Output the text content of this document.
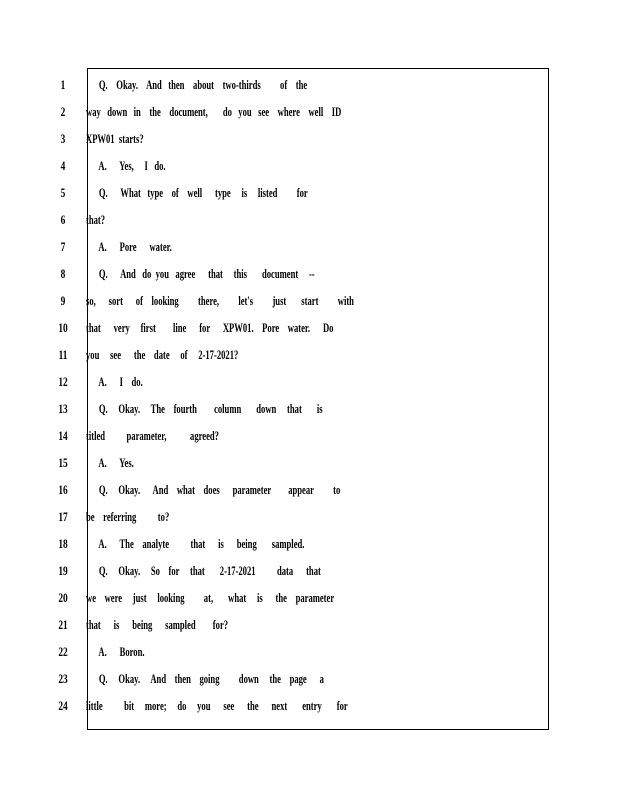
1	Q.    Okay.    And   then    about    two-thirds         of    the
2	way   down   in    the    document,       do   you   see    where    well    ID
3	XPW01  starts?
4	A.      Yes,     I   do.
5	Q.      What   type    of    well      type     is     listed         for
6	that?
7	A.      Pore      water.
8	Q.      And   do  you   agree      that     this       document     --
9	so,      sort      of    looking         there,         let's         just       start         with
10	that      very     first        line      for      XPW01.    Pore    water.      Do
11	you     see      the    date     of     2-17-2021?
12	A.      I    do.
13	Q.     Okay.     The    fourth        column       down     that       is
14	titled          parameter,           agreed?
15	A.      Yes.
16	Q.     Okay.      And    what    does      parameter        appear         to
17	be    referring          to?
18	A.      The    analyte          that      is      being       sampled.
19	Q.     Okay.     So    for     that       2-17-2021          data      that
20	we    were     just     looking         at,       what     is      the    parameter
21	that      is      being      sampled        for?
22	A.      Boron.
23	Q.     Okay.     And    then    going         down     the    page      a
24	little          bit     more;     do     you      see      the      next       entry       for
